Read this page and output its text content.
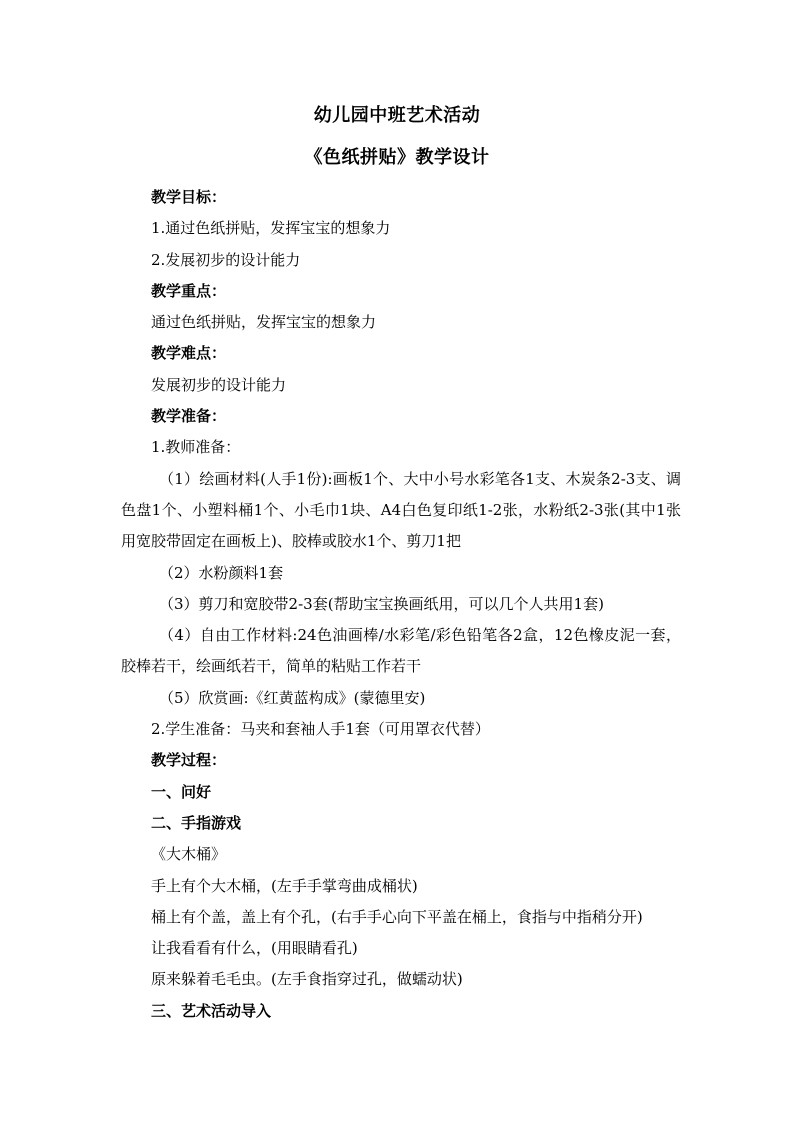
幼儿园中班艺术活动
《色纸拼贴》教学设计

教学目标：

1.通过色纸拼贴，发挥宝宝的想象力

2.发展初步的设计能力

教学重点：

通过色纸拼贴，发挥宝宝的想象力

教学难点：

发展初步的设计能力

教学准备：

1.教师准备：

（1）绘画材料(人手1份):画板1个、大中小号水彩笔各1支、木炭条2-3支、调色盘1个、小塑料桶1个、小毛巾1块、A4白色复印纸1-2张，水粉纸2-3张(其中1张用宽胶带固定在画板上)、胶棒或胶水1个、剪刀1把

（2）水粉颜料1套

（3）剪刀和宽胶带2-3套(帮助宝宝换画纸用，可以几个人共用1套)

（4）自由工作材料:24色油画棒/水彩笔/彩色铅笔各2盒，12色橡皮泥一套，胶棒若干，绘画纸若干，简单的粘贴工作若干

（5）欣赏画:《红黄蓝构成》(蒙德里安)

2.学生准备：马夹和套袖人手1套（可用罩衣代替）

教学过程：

一、问好

二、手指游戏

《大木桶》

手上有个大木桶，(左手手掌弯曲成桶状)

桶上有个盖，盖上有个孔，(右手手心向下平盖在桶上，食指与中指稍分开)

让我看看有什么，(用眼睛看孔)

原来躲着毛毛虫。(左手食指穿过孔，做蠕动状)

三、艺术活动导入
